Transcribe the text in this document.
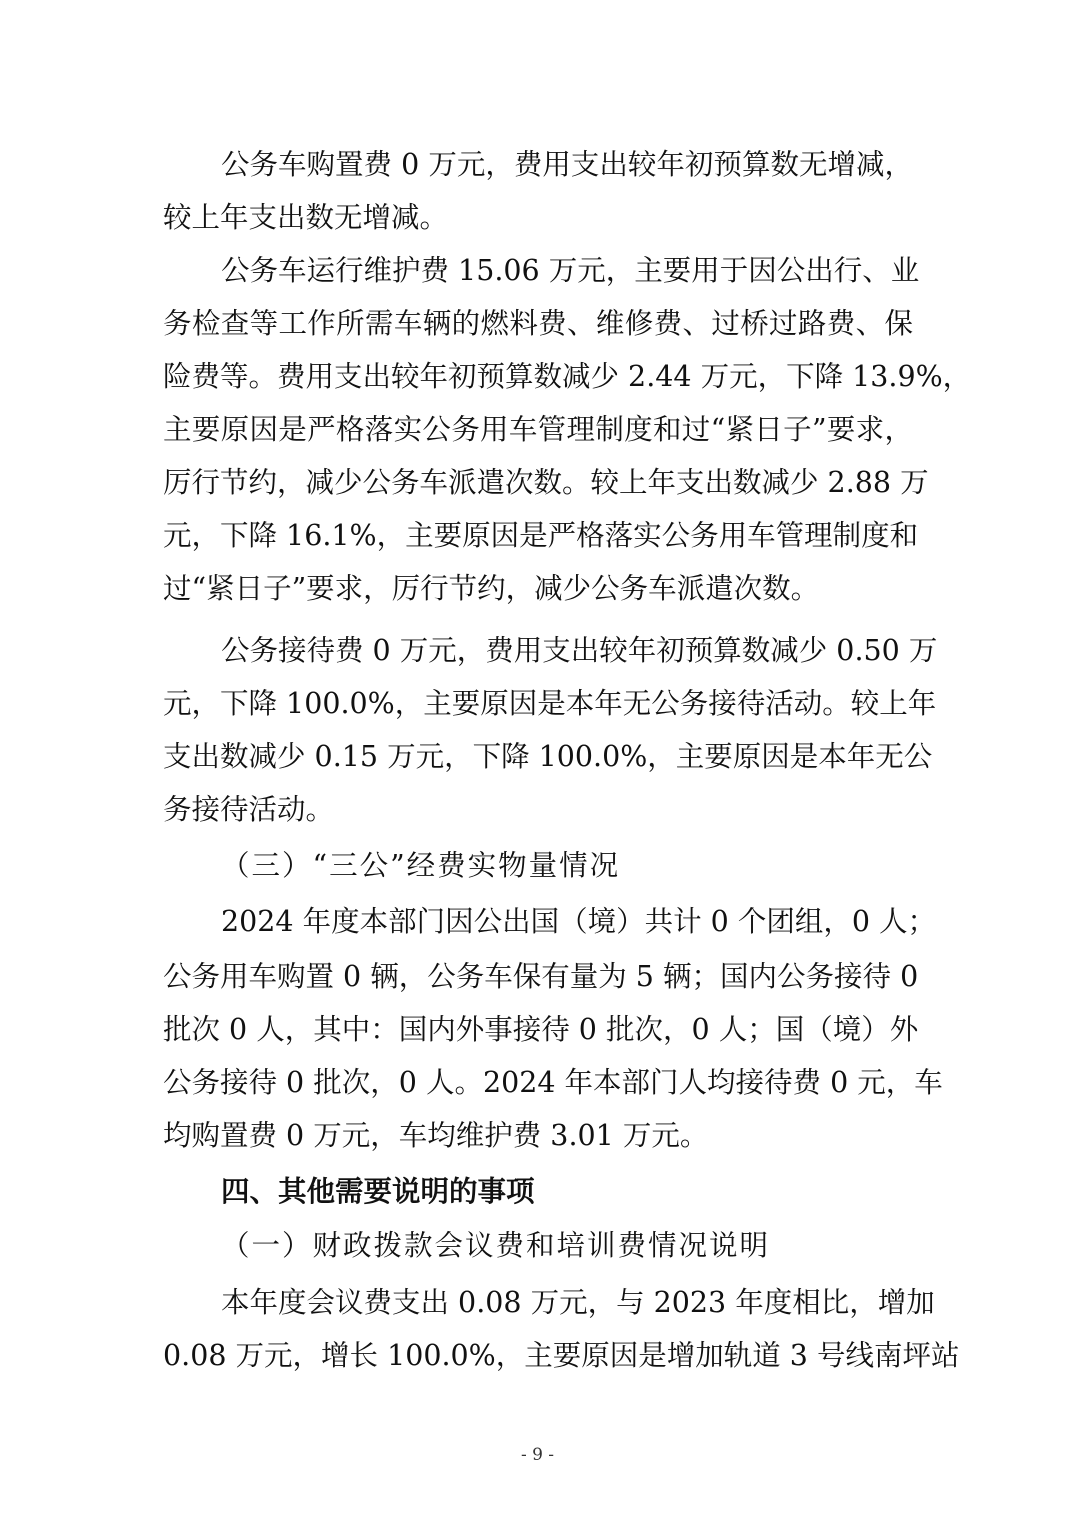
公务车购置费 0 万元，费用支出较年初预算数无增减，
较上年支出数无增减。
公务车运行维护费 15.06 万元，主要用于因公出行、业
务检查等工作所需车辆的燃料费、维修费、过桥过路费、保
险费等。费用支出较年初预算数减少 2.44 万元，下降 13.9%，
主要原因是严格落实公务用车管理制度和过“紧日子”要求，
厉行节约，减少公务车派遣次数。较上年支出数减少 2.88 万
元，下降 16.1%，主要原因是严格落实公务用车管理制度和
过“紧日子”要求，厉行节约，减少公务车派遣次数。
公务接待费 0 万元，费用支出较年初预算数减少 0.50 万
元，下降 100.0%，主要原因是本年无公务接待活动。较上年
支出数减少 0.15 万元，下降 100.0%，主要原因是本年无公
务接待活动。
（三）“三公”经费实物量情况
2024 年度本部门因公出国（境）共计 0 个团组，0 人；
公务用车购置 0 辆，公务车保有量为 5 辆；国内公务接待 0
批次 0 人，其中：国内外事接待 0 批次，0 人；国（境）外
公务接待 0 批次，0 人。2024 年本部门人均接待费 0 元，车
均购置费 0 万元，车均维护费 3.01 万元。
四、其他需要说明的事项
（一）财政拨款会议费和培训费情况说明
本年度会议费支出 0.08 万元，与 2023 年度相比，增加
0.08 万元，增长 100.0%，主要原因是增加轨道 3 号线南坪站
- 9 -
